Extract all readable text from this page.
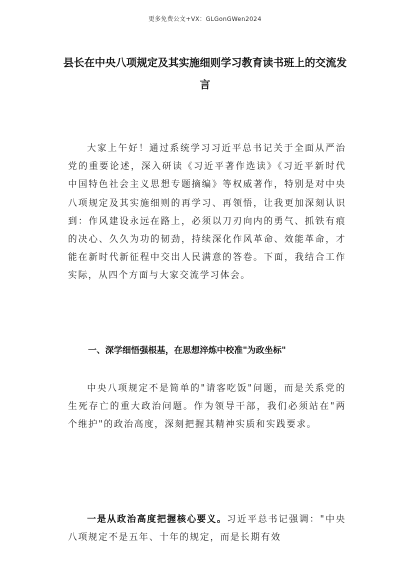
更多免费公文+VX：GLGonGWen2024
县长在中央八项规定及其实施细则学习教育读书班上的交流发言

大家上午好！通过系统学习习近平总书记关于全面从严治党的重要论述，深入研读《习近平著作选读》《习近平新时代中国特色社会主义思想专题摘编》等权威著作，特别是对中央八项规定及其实施细则的再学习、再领悟，让我更加深刻认识到：作风建设永远在路上，必须以刀刃向内的勇气、抓铁有痕的决心、久久为功的韧劲，持续深化作风革命、效能革命，才能在新时代新征程中交出人民满意的答卷。下面，我结合工作实际，从四个方面与大家交流学习体会。

一、深学细悟强根基，在思想淬炼中校准"为政坐标"

中央八项规定不是简单的"请客吃饭"问题，而是关系党的生死存亡的重大政治问题。作为领导干部，我们必须站在"两个维护"的政治高度，深刻把握其精神实质和实践要求。

一是从政治高度把握核心要义。习近平总书记强调："中央八项规定不是五年、十年的规定，而是长期有效
